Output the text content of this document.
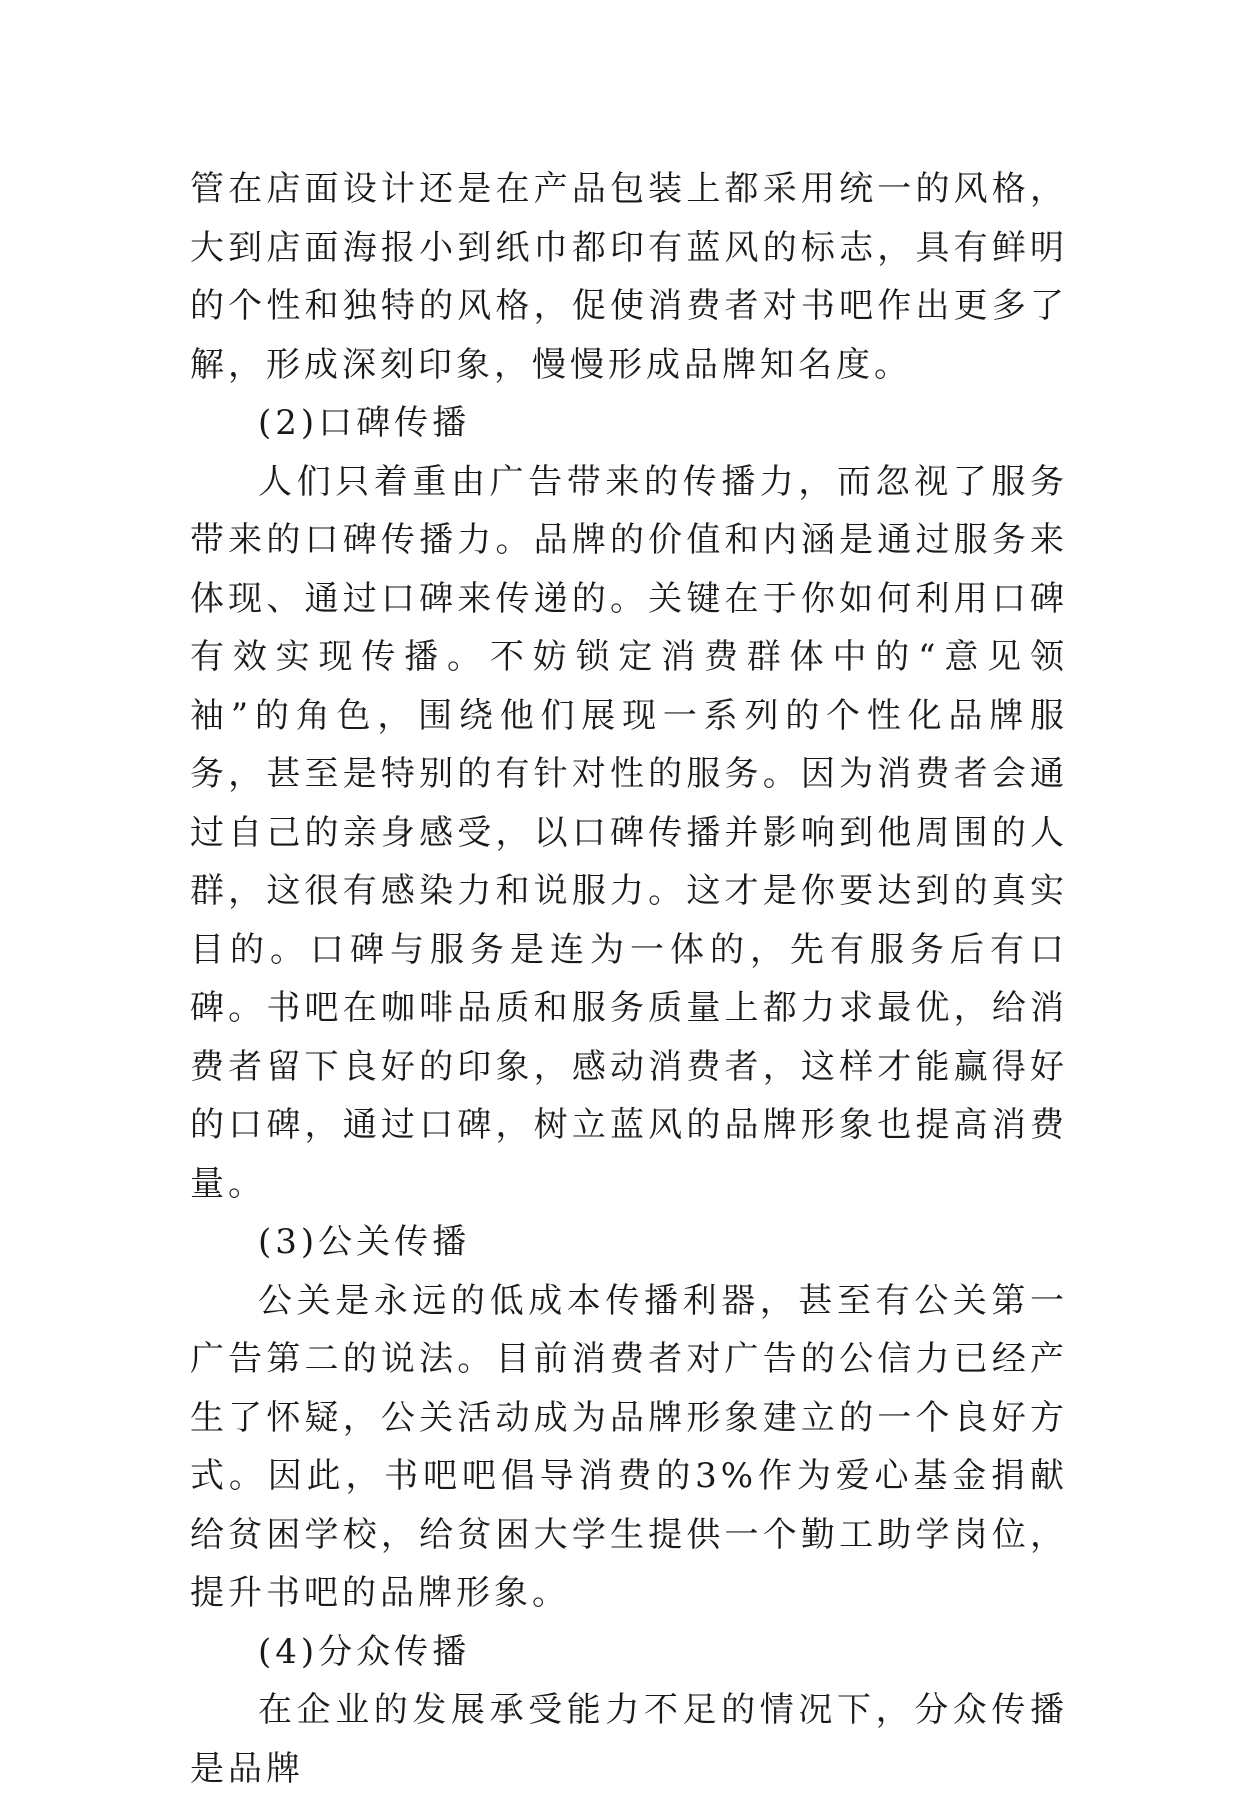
管在店面设计还是在产品包装上都采用统一的风格，大到店面海报小到纸巾都印有蓝风的标志，具有鲜明的个性和独特的风格，促使消费者对书吧作出更多了解，形成深刻印象，慢慢形成品牌知名度。

(2)口碑传播

人们只着重由广告带来的传播力，而忽视了服务带来的口碑传播力。品牌的价值和内涵是通过服务来体现、通过口碑来传递的。关键在于你如何利用口碑有效实现传播。不妨锁定消费群体中的“意见领袖”的角色，围绕他们展现一系列的个性化品牌服务，甚至是特别的有针对性的服务。因为消费者会通过自己的亲身感受，以口碑传播并影响到他周围的人群，这很有感染力和说服力。这才是你要达到的真实目的。口碑与服务是连为一体的，先有服务后有口碑。书吧在咖啡品质和服务质量上都力求最优，给消费者留下良好的印象，感动消费者，这样才能赢得好的口碑，通过口碑，树立蓝风的品牌形象也提高消费量。

(3)公关传播

公关是永远的低成本传播利器，甚至有公关第一广告第二的说法。目前消费者对广告的公信力已经产生了怀疑，公关活动成为品牌形象建立的一个良好方式。因此，书吧吧倡导消费的3%作为爱心基金捐献给贫困学校，给贫困大学生提供一个勤工助学岗位，提升书吧的品牌形象。

(4)分众传播

在企业的发展承受能力不足的情况下，分众传播是品牌
